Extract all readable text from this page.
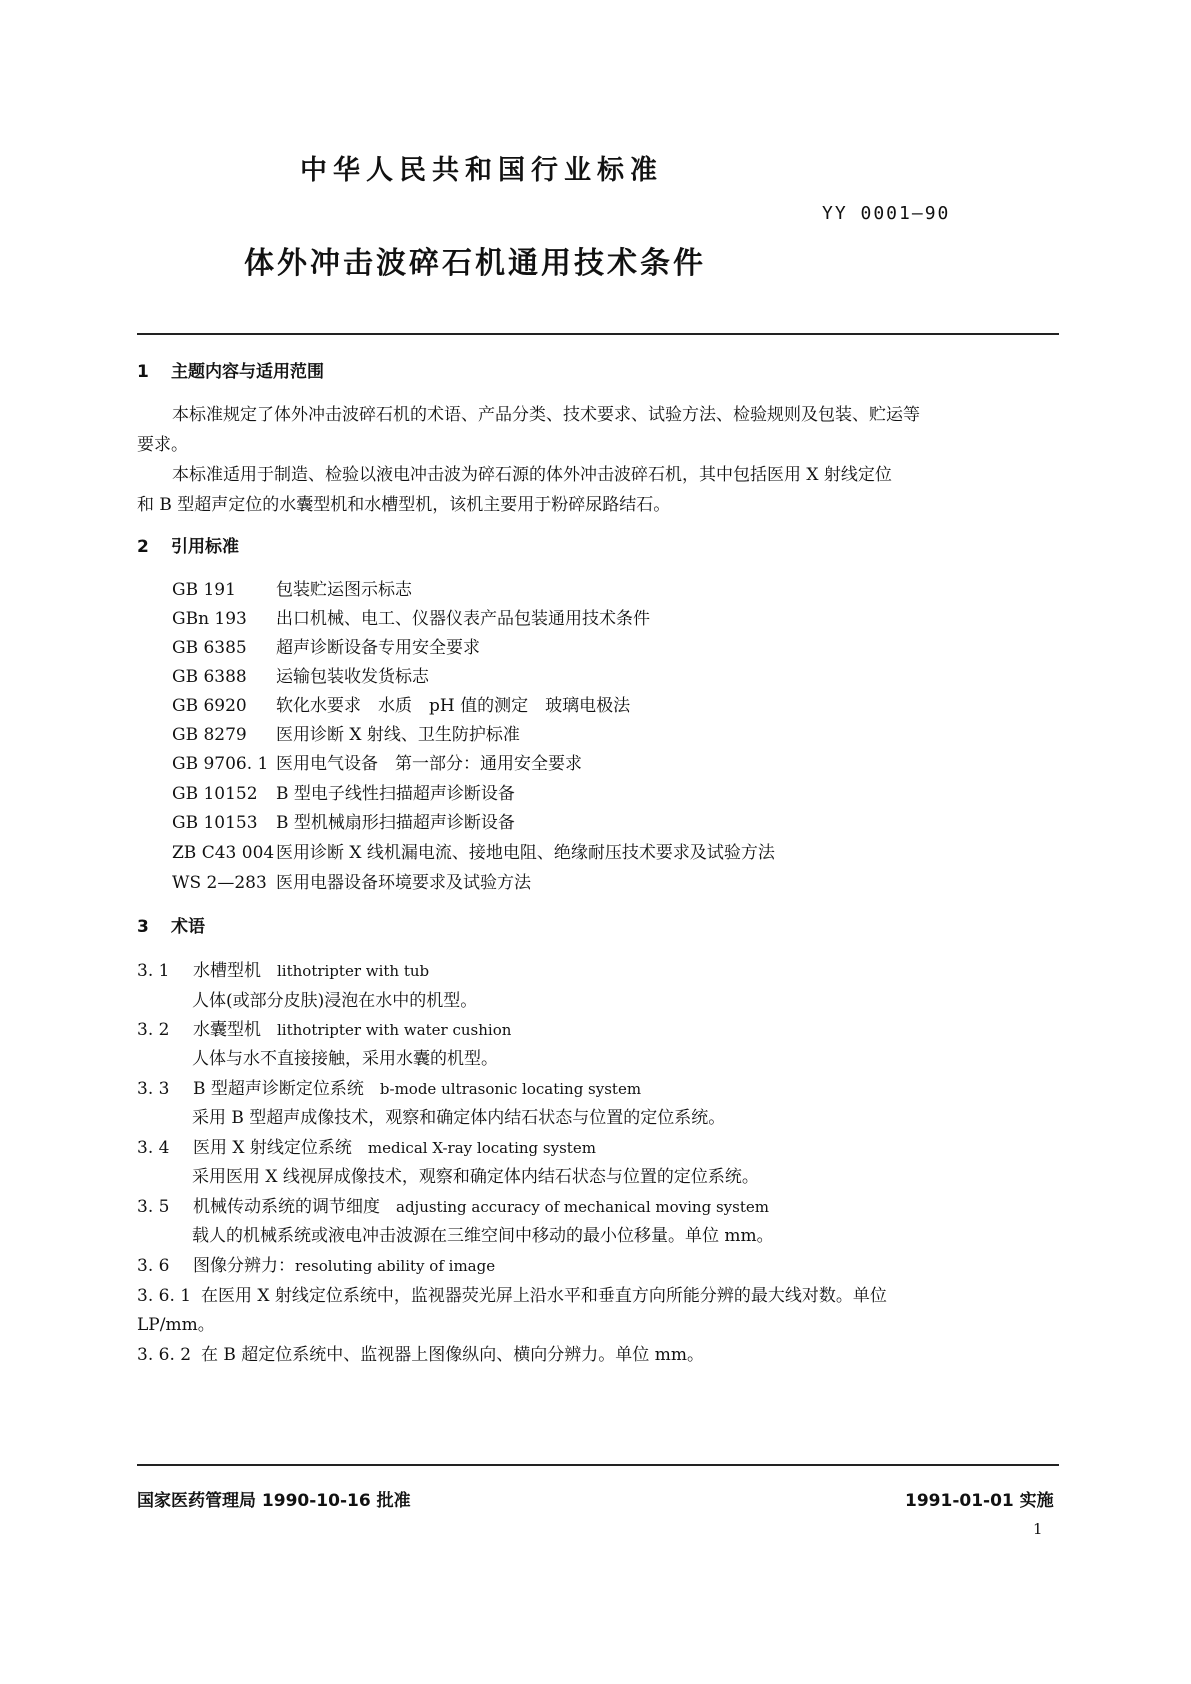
中华人民共和国行业标准
YY 0001—90
体外冲击波碎石机通用技术条件
1 主题内容与适用范围
本标准规定了体外冲击波碎石机的术语、产品分类、技术要求、试验方法、检验规则及包装、贮运等
要求。
本标准适用于制造、检验以液电冲击波为碎石源的体外冲击波碎石机，其中包括医用 X 射线定位
和 B 型超声定位的水囊型机和水槽型机，该机主要用于粉碎尿路结石。
2 引用标准
GB 191 包装贮运图示标志
GBn 193 出口机械、电工、仪器仪表产品包装通用技术条件
GB 6385 超声诊断设备专用安全要求
GB 6388 运输包装收发货标志
GB 6920 软化水要求　水质　pH 值的测定　玻璃电极法
GB 8279 医用诊断 X 射线、卫生防护标准
GB 9706. 1 医用电气设备　第一部分：通用安全要求
GB 10152 B 型电子线性扫描超声诊断设备
GB 10153 B 型机械扇形扫描超声诊断设备
ZB C43 004 医用诊断 X 线机漏电流、接地电阻、绝缘耐压技术要求及试验方法
WS 2—283 医用电器设备环境要求及试验方法
3 术语
3. 1 水槽型机 lithotripter with tub
人体(或部分皮肤)浸泡在水中的机型。
3. 2 水囊型机 lithotripter with water cushion
人体与水不直接接触，采用水囊的机型。
3. 3 B 型超声诊断定位系统 b-mode ultrasonic locating system
采用 B 型超声成像技术，观察和确定体内结石状态与位置的定位系统。
3. 4 医用 X 射线定位系统 medical X-ray locating system
采用医用 X 线视屏成像技术，观察和确定体内结石状态与位置的定位系统。
3. 5 机械传动系统的调节细度 adjusting accuracy of mechanical moving system
载人的机械系统或液电冲击波源在三维空间中移动的最小位移量。单位 mm。
3. 6 图像分辨力：resoluting ability of image
3. 6. 1 在医用 X 射线定位系统中，监视器荧光屏上沿水平和垂直方向所能分辨的最大线对数。单位
LP/mm。
3. 6. 2 在 B 超定位系统中、监视器上图像纵向、横向分辨力。单位 mm。
国家医药管理局 1990-10-16 批准	1991-01-01 实施
1
